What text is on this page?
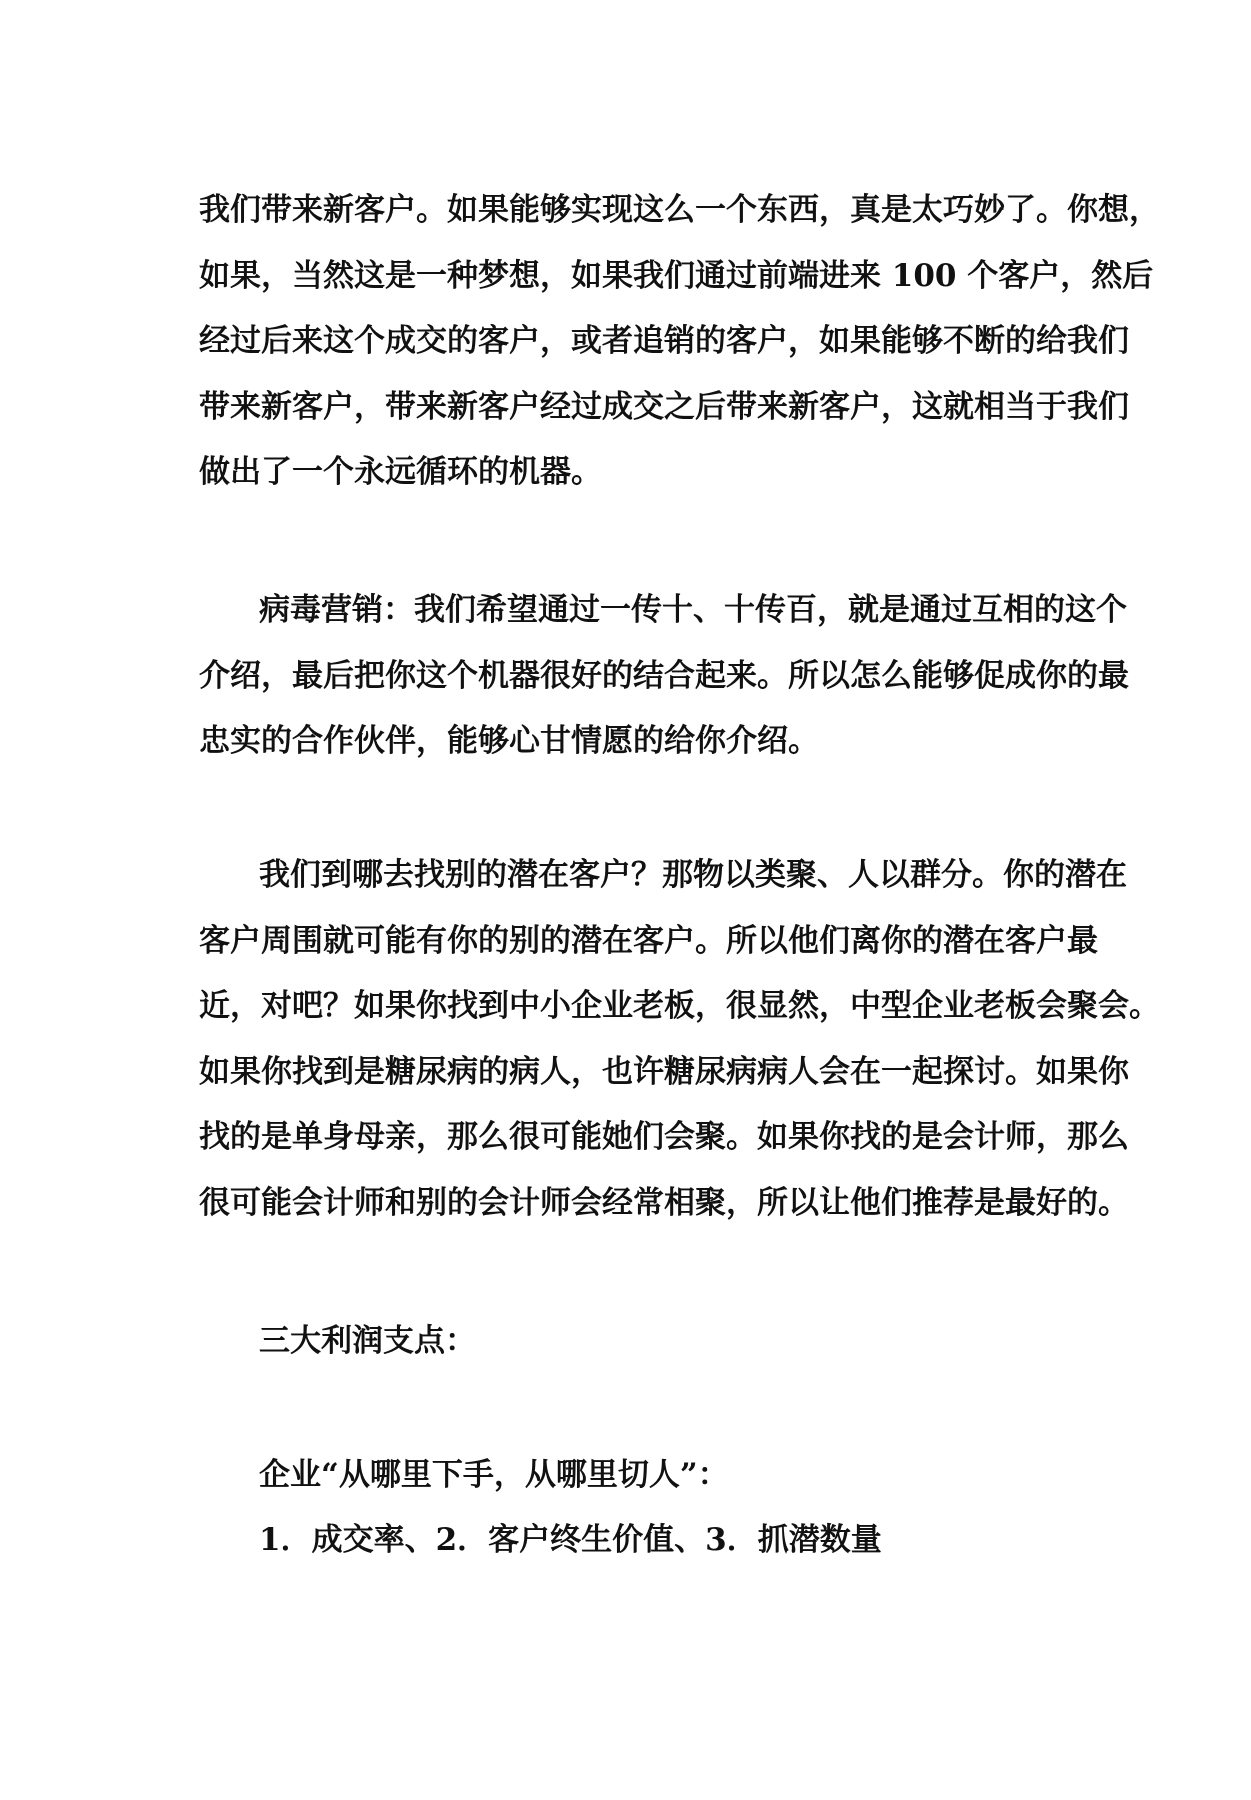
我们带来新客户。如果能够实现这么一个东西，真是太巧妙了。你想，
如果，当然这是一种梦想，如果我们通过前端进来 100 个客户，然后
经过后来这个成交的客户，或者追销的客户，如果能够不断的给我们
带来新客户，带来新客户经过成交之后带来新客户，这就相当于我们
做出了一个永远循环的机器。
病毒营销：我们希望通过一传十、十传百，就是通过互相的这个
介绍，最后把你这个机器很好的结合起来。所以怎么能够促成你的最
忠实的合作伙伴，能够心甘情愿的给你介绍。
我们到哪去找别的潜在客户？那物以类聚、人以群分。你的潜在
客户周围就可能有你的别的潜在客户。所以他们离你的潜在客户最
近，对吧？如果你找到中小企业老板，很显然，中型企业老板会聚会。
如果你找到是糖尿病的病人，也许糖尿病病人会在一起探讨。如果你
找的是单身母亲，那么很可能她们会聚。如果你找的是会计师，那么
很可能会计师和别的会计师会经常相聚，所以让他们推荐是最好的。
三大利润支点：
企业“从哪里下手，从哪里切人”：
1．成交率、2．客户终生价值、3．抓潜数量
